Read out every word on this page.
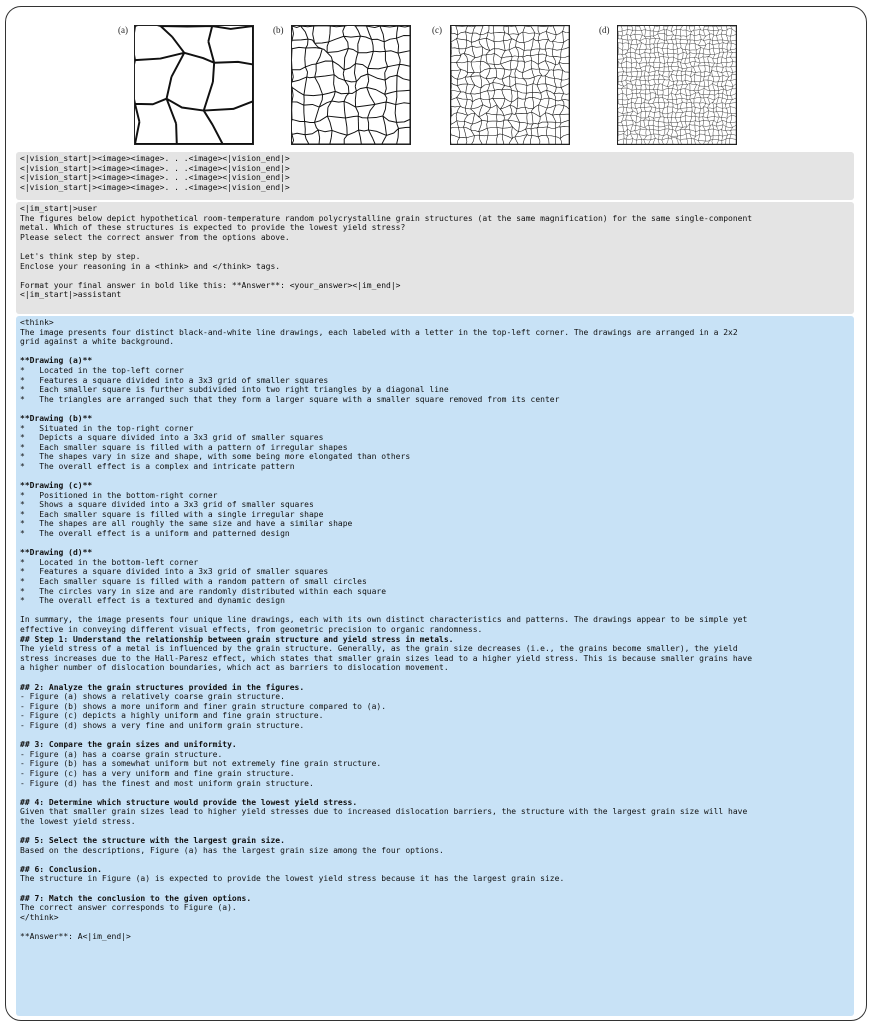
(a)	(b)	(c)	(d)
<|vision_start|><image><image>. . .<image><|vision_end|>
<|vision_start|><image><image>. . .<image><|vision_end|>
<|vision_start|><image><image>. . .<image><|vision_end|>
<|vision_start|><image><image>. . .<image><|vision_end|>
<|im_start|>user
The figures below depict hypothetical room-temperature random polycrystalline grain structures (at the same magnification) for the same single-component
metal. Which of these structures is expected to provide the lowest yield stress?
Please select the correct answer from the options above.

Let's think step by step.
Enclose your reasoning in a <think> and </think> tags.

Format your final answer in bold like this: **Answer**: <your_answer><|im_end|>
<|im_start|>assistant
<think>
The image presents four distinct black-and-white line drawings, each labeled with a letter in the top-left corner. The drawings are arranged in a 2x2
grid against a white background.

**Drawing (a)**
*   Located in the top-left corner
*   Features a square divided into a 3x3 grid of smaller squares
*   Each smaller square is further subdivided into two right triangles by a diagonal line
*   The triangles are arranged such that they form a larger square with a smaller square removed from its center

**Drawing (b)**
*   Situated in the top-right corner
*   Depicts a square divided into a 3x3 grid of smaller squares
*   Each smaller square is filled with a pattern of irregular shapes
*   The shapes vary in size and shape, with some being more elongated than others
*   The overall effect is a complex and intricate pattern

**Drawing (c)**
*   Positioned in the bottom-right corner
*   Shows a square divided into a 3x3 grid of smaller squares
*   Each smaller square is filled with a single irregular shape
*   The shapes are all roughly the same size and have a similar shape
*   The overall effect is a uniform and patterned design

**Drawing (d)**
*   Located in the bottom-left corner
*   Features a square divided into a 3x3 grid of smaller squares
*   Each smaller square is filled with a random pattern of small circles
*   The circles vary in size and are randomly distributed within each square
*   The overall effect is a textured and dynamic design

In summary, the image presents four unique line drawings, each with its own distinct characteristics and patterns. The drawings appear to be simple yet
effective in conveying different visual effects, from geometric precision to organic randomness.
## Step 1: Understand the relationship between grain structure and yield stress in metals.
The yield stress of a metal is influenced by the grain structure. Generally, as the grain size decreases (i.e., the grains become smaller), the yield
stress increases due to the Hall-Paresz effect, which states that smaller grain sizes lead to a higher yield stress. This is because smaller grains have
a higher number of dislocation boundaries, which act as barriers to dislocation movement.

## 2: Analyze the grain structures provided in the figures.
- Figure (a) shows a relatively coarse grain structure.
- Figure (b) shows a more uniform and finer grain structure compared to (a).
- Figure (c) depicts a highly uniform and fine grain structure.
- Figure (d) shows a very fine and uniform grain structure.

## 3: Compare the grain sizes and uniformity.
- Figure (a) has a coarse grain structure.
- Figure (b) has a somewhat uniform but not extremely fine grain structure.
- Figure (c) has a very uniform and fine grain structure.
- Figure (d) has the finest and most uniform grain structure.

## 4: Determine which structure would provide the lowest yield stress.
Given that smaller grain sizes lead to higher yield stresses due to increased dislocation barriers, the structure with the largest grain size will have
the lowest yield stress.

## 5: Select the structure with the largest grain size.
Based on the descriptions, Figure (a) has the largest grain size among the four options.

## 6: Conclusion.
The structure in Figure (a) is expected to provide the lowest yield stress because it has the largest grain size.

## 7: Match the conclusion to the given options.
The correct answer corresponds to Figure (a).
</think>

**Answer**: A<|im_end|>
